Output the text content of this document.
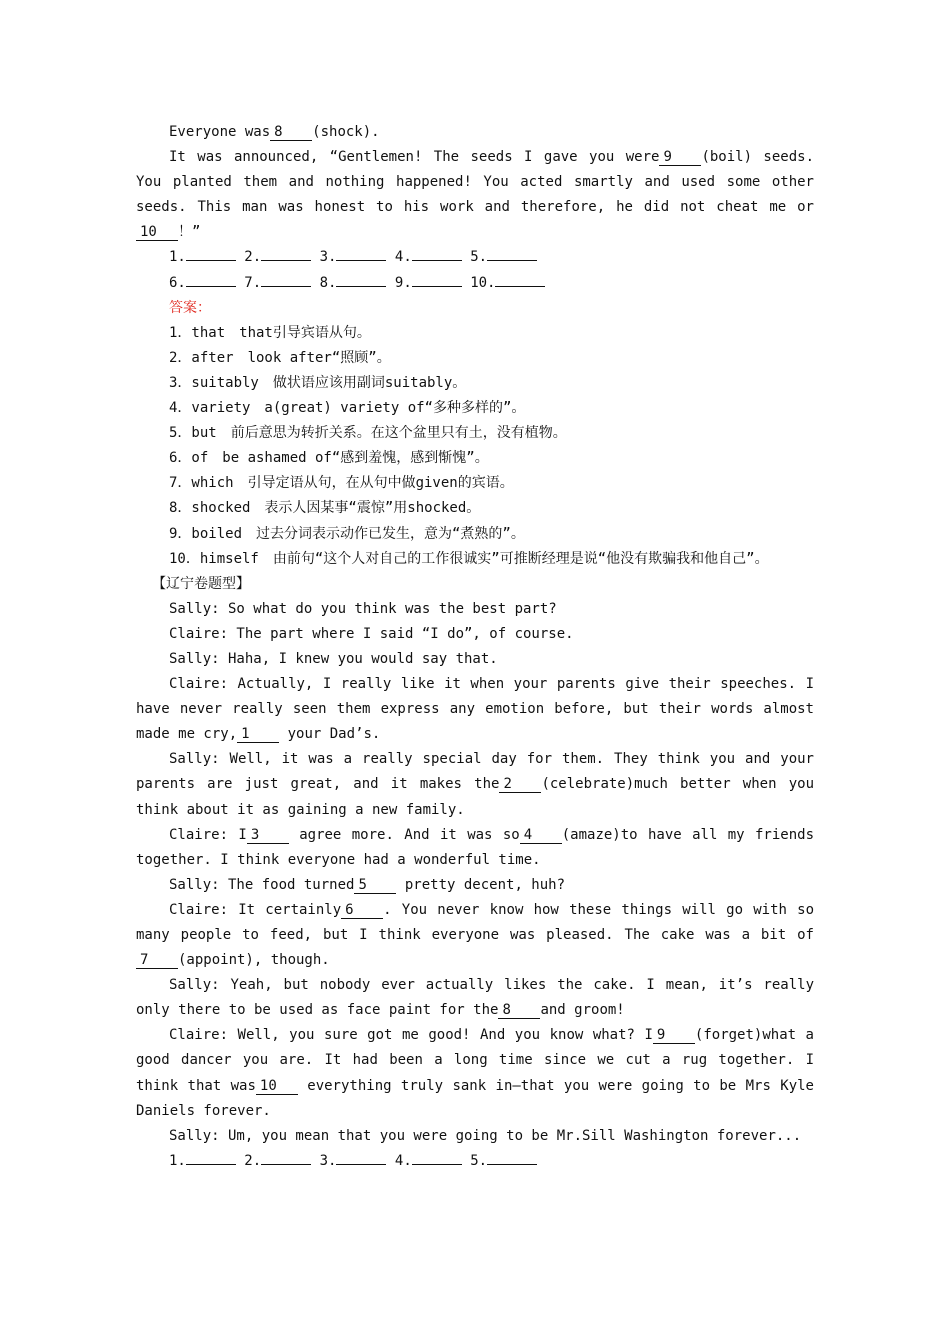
Everyone was 8 (shock).

It was announced, “Gentlemen! The seeds I gave you were 9 (boil) seeds. You planted them and nothing happened! You acted smartly and used some other seeds. This man was honest to his work and therefore, he did not cheat me or10 ！”

1.	2.	3.	4.	5.

6.	7.	8.	9.	10.

答案：

1．that　that引导宾语从句。

2．after　look after“照顾”。

3．suitably　做状语应该用副词suitably。

4．variety　a(great) variety of“多种多样的”。

5．but　前后意思为转折关系。在这个盆里只有土，没有植物。

6．of　be ashamed of“感到羞愧，感到惭愧”。

7．which　引导定语从句，在从句中做given的宾语。

8．shocked　表示人因某事“震惊”用shocked。

9．boiled　过去分词表示动作已发生，意为“煮熟的”。

10．himself　由前句“这个人对自己的工作很诚实”可推断经理是说“他没有欺骗我和他自己”。

【辽宁卷题型】

Sally: So what do you think was the best part?

Claire: The part where I said “I do”, of course.

Sally: Haha, I knew you would say that.

Claire: Actually, I really like it when your parents give their speeches. I have never really seen them express any emotion before, but their words almost made me cry, 1	your Dad’s.

Sally: Well, it was a really special day for them. They think you and your parents are just great, and it makes the 2 (celebrate)much better when you think about it as gaining a new family.

Claire: I 3	agree more. And it was so 4 (amaze)to have all my friends together. I think everyone had a wonderful time.

Sally: The food turned 5	pretty decent, huh?

Claire: It certainly 6 . You never know how these things will go with so many people to feed, but I think everyone was pleased. The cake was a bit of7 (appoint), though.

Sally: Yeah, but nobody ever actually likes the cake. I mean, it’s really only there to be used as face paint for the 8 and groom!

Claire: Well, you sure got me good! And you know what? I 9 (forget)what a good dancer you are. It had been a long time since we cut a rug together. I think that was 10 everything truly sank in—that you were going to be Mrs Kyle Daniels forever.

Sally: Um, you mean that you were going to be Mr.Sill Washington forever...

1.	2.	3.	4.	5.
